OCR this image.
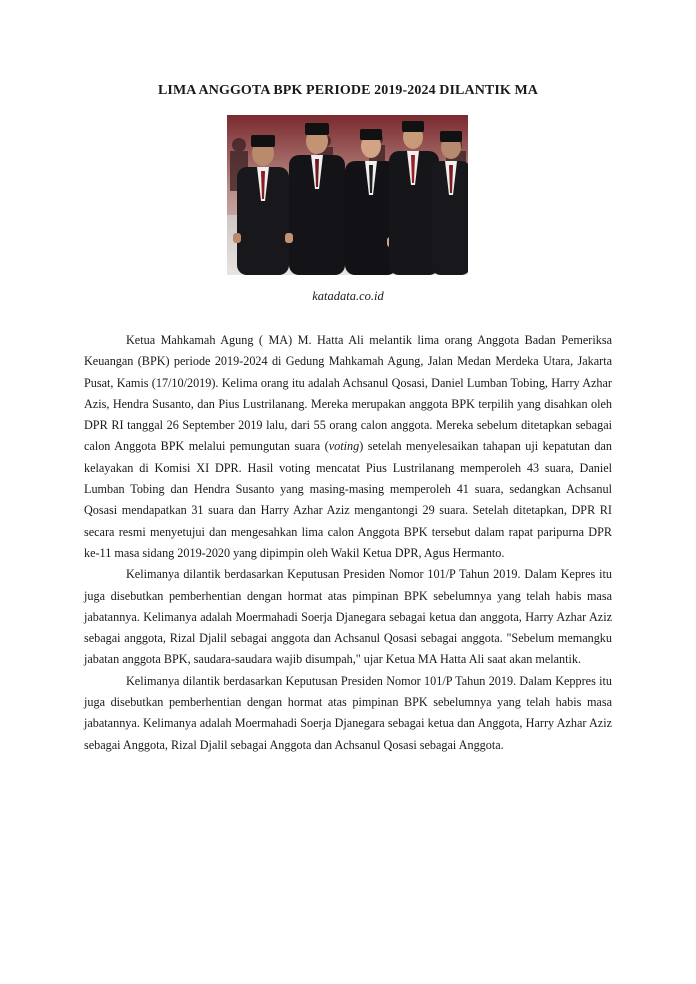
LIMA ANGGOTA BPK PERIODE 2019-2024 DILANTIK MA
katadata.co.id

Ketua Mahkamah Agung ( MA) M. Hatta Ali melantik lima orang Anggota Badan Pemeriksa Keuangan (BPK) periode 2019-2024 di Gedung Mahkamah Agung, Jalan Medan Merdeka Utara, Jakarta Pusat, Kamis (17/10/2019). Kelima orang itu adalah Achsanul Qosasi, Daniel Lumban Tobing, Harry Azhar Azis, Hendra Susanto, dan Pius Lustrilanang. Mereka merupakan anggota BPK terpilih yang disahkan oleh DPR RI tanggal 26 September 2019 lalu, dari 55 orang calon anggota. Mereka sebelum ditetapkan sebagai calon Anggota BPK melalui pemungutan suara (voting) setelah menyelesaikan tahapan uji kepatutan dan kelayakan di Komisi XI DPR. Hasil voting mencatat Pius Lustrilanang memperoleh 43 suara, Daniel Lumban Tobing dan Hendra Susanto yang masing-masing memperoleh 41 suara, sedangkan Achsanul Qosasi mendapatkan 31 suara dan Harry Azhar Aziz mengantongi 29 suara. Setelah ditetapkan, DPR RI secara resmi menyetujui dan mengesahkan lima calon Anggota BPK tersebut dalam rapat paripurna DPR ke-11 masa sidang 2019-2020 yang dipimpin oleh Wakil Ketua DPR, Agus Hermanto.

Kelimanya dilantik berdasarkan Keputusan Presiden Nomor 101/P Tahun 2019. Dalam Kepres itu juga disebutkan pemberhentian dengan hormat atas pimpinan BPK sebelumnya yang telah habis masa jabatannya. Kelimanya adalah Moermahadi Soerja Djanegara sebagai ketua dan anggota, Harry Azhar Aziz sebagai anggota, Rizal Djalil sebagai anggota dan Achsanul Qosasi sebagai anggota. "Sebelum memangku jabatan anggota BPK, saudara-saudara wajib disumpah," ujar Ketua MA Hatta Ali saat akan melantik.

Kelimanya dilantik berdasarkan Keputusan Presiden Nomor 101/P Tahun 2019. Dalam Keppres itu juga disebutkan pemberhentian dengan hormat atas pimpinan BPK sebelumnya yang telah habis masa jabatannya. Kelimanya adalah Moermahadi Soerja Djanegara sebagai ketua dan Anggota, Harry Azhar Aziz sebagai Anggota, Rizal Djalil sebagai Anggota dan Achsanul Qosasi sebagai Anggota.
